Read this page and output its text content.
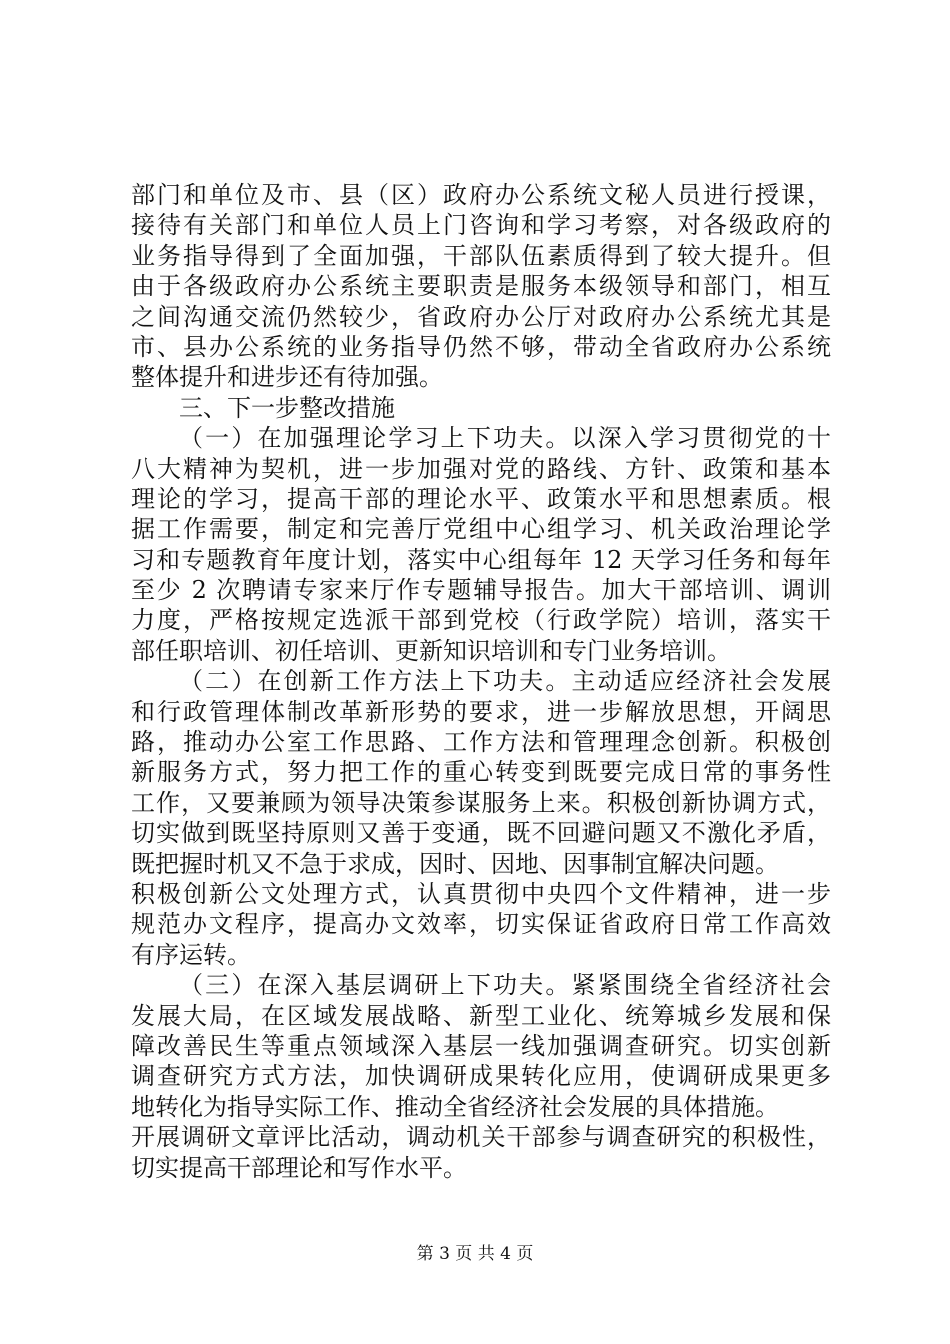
部门和单位及市、县（区）政府办公系统文秘人员进行授课，
接待有关部门和单位人员上门咨询和学习考察，对各级政府的
业务指导得到了全面加强，干部队伍素质得到了较大提升。但
由于各级政府办公系统主要职责是服务本级领导和部门，相互
之间沟通交流仍然较少，省政府办公厅对政府办公系统尤其是
市、县办公系统的业务指导仍然不够，带动全省政府办公系统
整体提升和进步还有待加强。
三、下一步整改措施
（一）在加强理论学习上下功夫。以深入学习贯彻党的十
八大精神为契机，进一步加强对党的路线、方针、政策和基本
理论的学习，提高干部的理论水平、政策水平和思想素质。根
据工作需要，制定和完善厅党组中心组学习、机关政治理论学
习和专题教育年度计划，落实中心组每年 12 天学习任务和每年
至少 2 次聘请专家来厅作专题辅导报告。加大干部培训、调训
力度，严格按规定选派干部到党校（行政学院）培训，落实干
部任职培训、初任培训、更新知识培训和专门业务培训。
（二）在创新工作方法上下功夫。主动适应经济社会发展
和行政管理体制改革新形势的要求，进一步解放思想，开阔思
路，推动办公室工作思路、工作方法和管理理念创新。积极创
新服务方式，努力把工作的重心转变到既要完成日常的事务性
工作，又要兼顾为领导决策参谋服务上来。积极创新协调方式，
切实做到既坚持原则又善于变通，既不回避问题又不激化矛盾，
既把握时机又不急于求成，因时、因地、因事制宜解决问题。
积极创新公文处理方式，认真贯彻中央四个文件精神，进一步
规范办文程序，提高办文效率，切实保证省政府日常工作高效
有序运转。
（三）在深入基层调研上下功夫。紧紧围绕全省经济社会
发展大局，在区域发展战略、新型工业化、统筹城乡发展和保
障改善民生等重点领域深入基层一线加强调查研究。切实创新
调查研究方式方法，加快调研成果转化应用，使调研成果更多
地转化为指导实际工作、推动全省经济社会发展的具体措施。
开展调研文章评比活动，调动机关干部参与调查研究的积极性，
切实提高干部理论和写作水平。
第 3 页 共 4 页
